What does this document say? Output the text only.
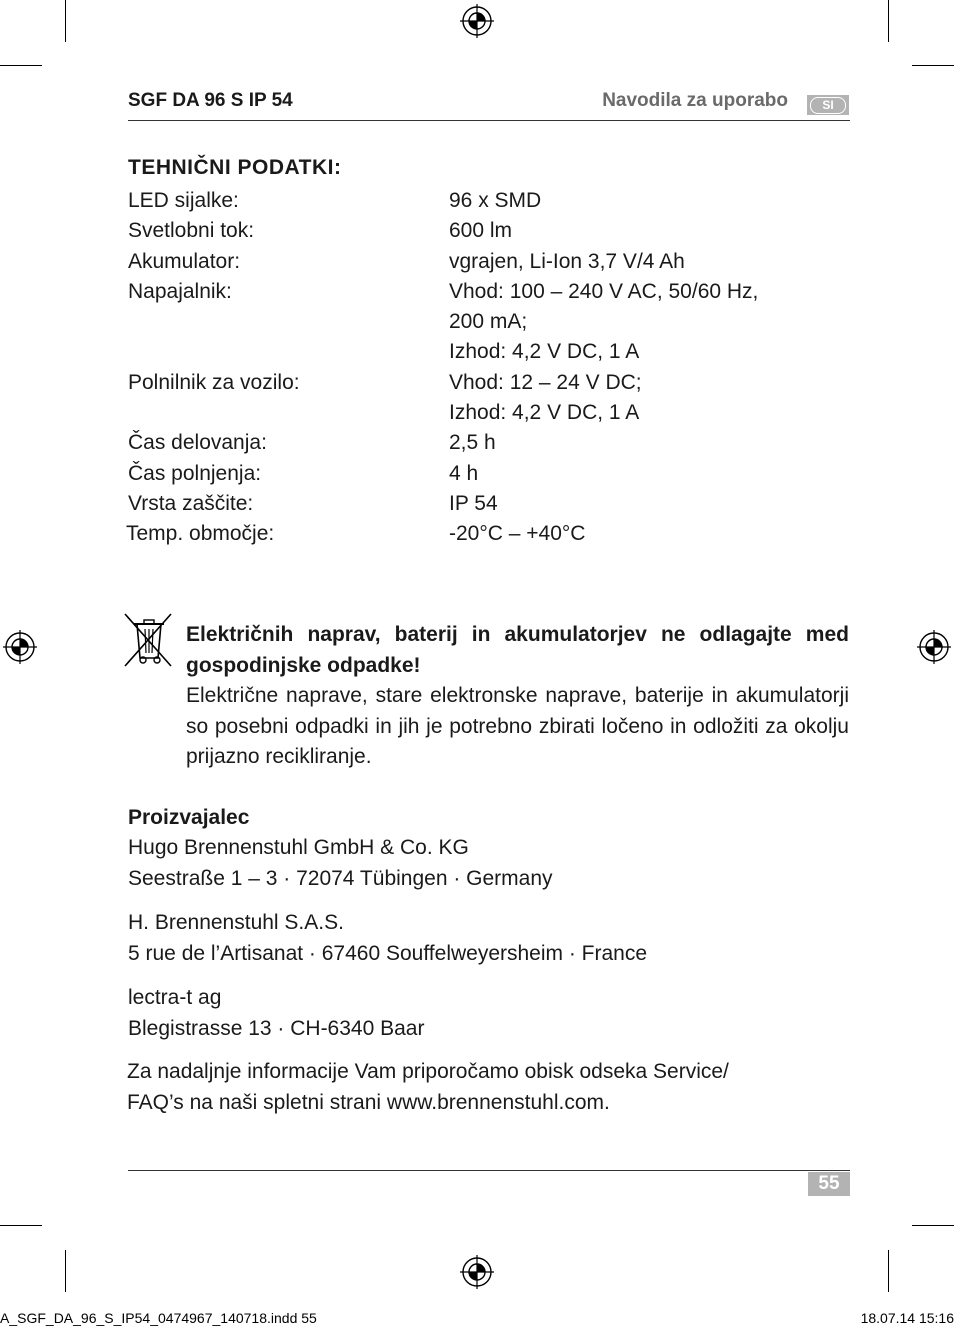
SGF DA 96 S IP 54	Navodila za uporabo	SI
TEHNIČNI PODATKI:
LED sijalke:	96 x SMD
Svetlobni tok:	600 lm
Akumulator:	vgrajen, Li-Ion 3,7 V/4 Ah
Napajalnik:	Vhod: 100 – 240 V AC, 50/60 Hz,
200 mA;
Izhod: 4,2 V DC, 1 A
Polnilnik za vozilo:	Vhod: 12 – 24 V DC;
Izhod: 4,2 V DC, 1 A
Čas delovanja:	2,5 h
Čas polnjenja:	4 h
Vrsta zaščite:	IP 54
Temp. območje:	-20°C – +40°C

Električnih naprav, baterij in akumulatorjev ne odlagajte med gospodinjske odpadke!

Električne naprave, stare elektronske naprave, baterije in akumulatorji so posebni odpadki in jih je potrebno zbirati ločeno in odložiti za okolju prijazno recikliranje.

Proizvajalec
Hugo Brennenstuhl GmbH & Co. KG
Seestraße 1 – 3 · 72074 Tübingen · Germany
H. Brennenstuhl S.A.S.
5 rue de l’Artisanat · 67460 Souffelweyersheim · France
lectra-t ag
Blegistrasse 13 · CH-6340 Baar
Za nadaljnje informacije Vam priporočamo obisk odseka Service/
FAQ’s na naši spletni strani www.brennenstuhl.com.
55
A_SGF_DA_96_S_IP54_0474967_140718.indd 55	18.07.14 15:16
